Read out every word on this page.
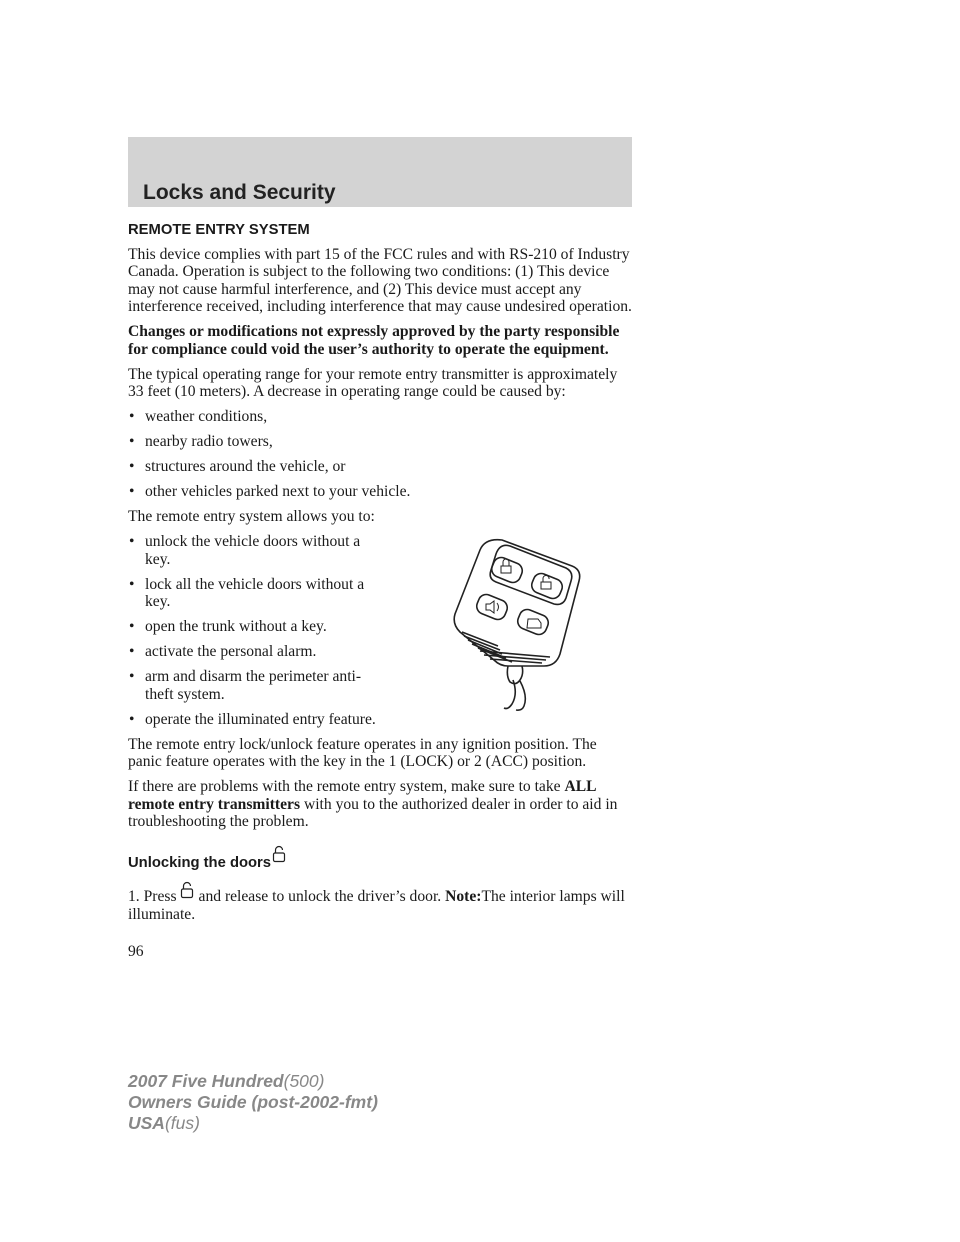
Locks and Security
REMOTE ENTRY SYSTEM

This device complies with part 15 of the FCC rules and with RS-210 of Industry Canada. Operation is subject to the following two conditions: (1) This device may not cause harmful interference, and (2) This device must accept any interference received, including interference that may cause undesired operation.

Changes or modifications not expressly approved by the party responsible for compliance could void the user’s authority to operate the equipment.

The typical operating range for your remote entry transmitter is approximately 33 feet (10 meters). A decrease in operating range could be caused by:

• weather conditions,
• nearby radio towers,
• structures around the vehicle, or
• other vehicles parked next to your vehicle.

The remote entry system allows you to:

• unlock the vehicle doors without a key.
• lock all the vehicle doors without a key.
• open the trunk without a key.
• activate the personal alarm.
• arm and disarm the perimeter anti-theft system.
• operate the illuminated entry feature.

The remote entry lock/unlock feature operates in any ignition position. The panic feature operates with the key in the 1 (LOCK) or 2 (ACC) position.

If there are problems with the remote entry system, make sure to take ALL remote entry transmitters with you to the authorized dealer in order to aid in troubleshooting the problem.

Unlocking the doors

1. Press and release to unlock the driver’s door. Note:The interior lamps will illuminate.

96
2007 Five Hundred(500)
Owners Guide (post-2002-fmt)
USA(fus)
